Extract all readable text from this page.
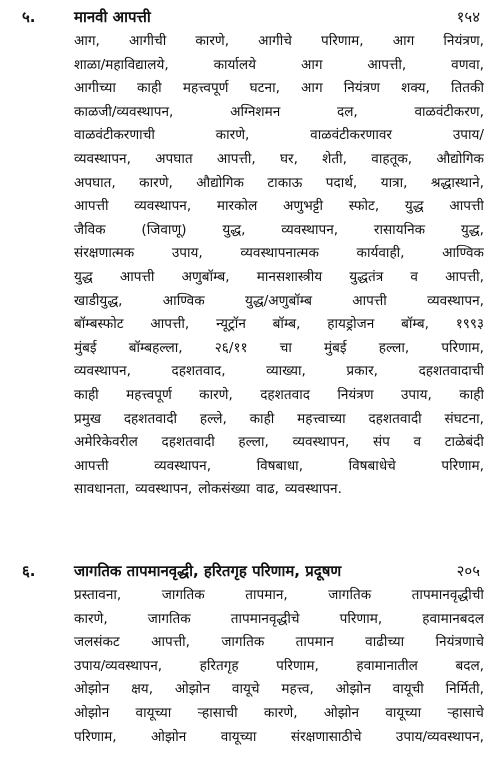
५.	मानवी आपत्ती	१५४
आग, आगीची कारणे, आगीचे परिणाम, आग नियंत्रण,
शाळा/महाविद्यालये,	कार्यालये	आग	आपत्ती,	वणवा,
आगीच्या काही महत्त्वपूर्ण घटना, आग नियंत्रण शक्य, तितकी
काळजी/व्यवस्थापन,	अग्निशमन	दल,	वाळवंटीकरण,
वाळवंटीकरणाची	कारणे,	वाळवंटीकरणावर	उपाय/
व्यवस्थापन, अपघात आपत्ती, घर, शेती, वाहतूक, औद्योगिक
अपघात, कारणे, औद्योगिक टाकाऊ पदार्थ, यात्रा, श्रद्धास्थाने,
आपत्ती व्यवस्थापन, मारकोल अणुभट्टी स्फोट, युद्ध आपत्ती
जैविक	(जिवाणू)	युद्ध,	व्यवस्थापन,	रासायनिक	युद्ध,
संरक्षणात्मक	उपाय,	व्यवस्थापनात्मक	कार्यवाही,	आण्विक
युद्ध आपत्ती अणुबॉम्ब, मानसशास्त्रीय युद्धतंत्र व आपत्ती,
खाडीयुद्ध,	आण्विक	युद्ध/अणुबॉम्ब	आपत्ती	व्यवस्थापन,
बॉम्बस्फोट आपत्ती, न्यूट्रॉन बॉम्ब, हायड्रोजन बॉम्ब, १९९३
मुंबई बॉम्बहल्ला, २६/११ चा मुंबई हल्ला, परिणाम,
व्यवस्थापन,	दहशतवाद,	व्याख्या,	प्रकार,	दहशतवादाची
काही महत्त्वपूर्ण कारणे, दहशतवाद नियंत्रण उपाय, काही
प्रमुख दहशतवादी हल्ले, काही महत्त्वाच्या दहशतवादी संघटना,
अमेरिकेवरील दहशतवादी हल्ला, व्यवस्थापन, संप व टाळेबंदी
आपत्ती	व्यवस्थापन,	विषबाधा,	विषबाधेचे	परिणाम,
सावधानता, व्यवस्थापन, लोकसंख्या वाढ, व्यवस्थापन.
६.	जागतिक तापमानवृद्धी, हरितगृह परिणाम, प्रदूषण	२०५
प्रस्तावना,	जागतिक	तापमान,	जागतिक	तापमानवृद्धीची
कारणे,	जागतिक	तापमानवृद्धीचे	परिणाम,	हवामानबदल
जलसंकट आपत्ती, जागतिक तापमान वाढीच्या नियंत्रणाचे
उपाय/व्यवस्थापन,	हरितगृह	परिणाम,	हवामानातील	बदल,
ओझोन क्षय, ओझोन वायूचे महत्त्व, ओझोन वायूची निर्मिती,
ओझोन वायूच्या ऱ्हासाची कारणे, ओझोन वायूच्या ऱ्हासाचे
परिणाम,	ओझोन	वायूच्या	संरक्षणासाठीचे	उपाय/व्यवस्थापन,
